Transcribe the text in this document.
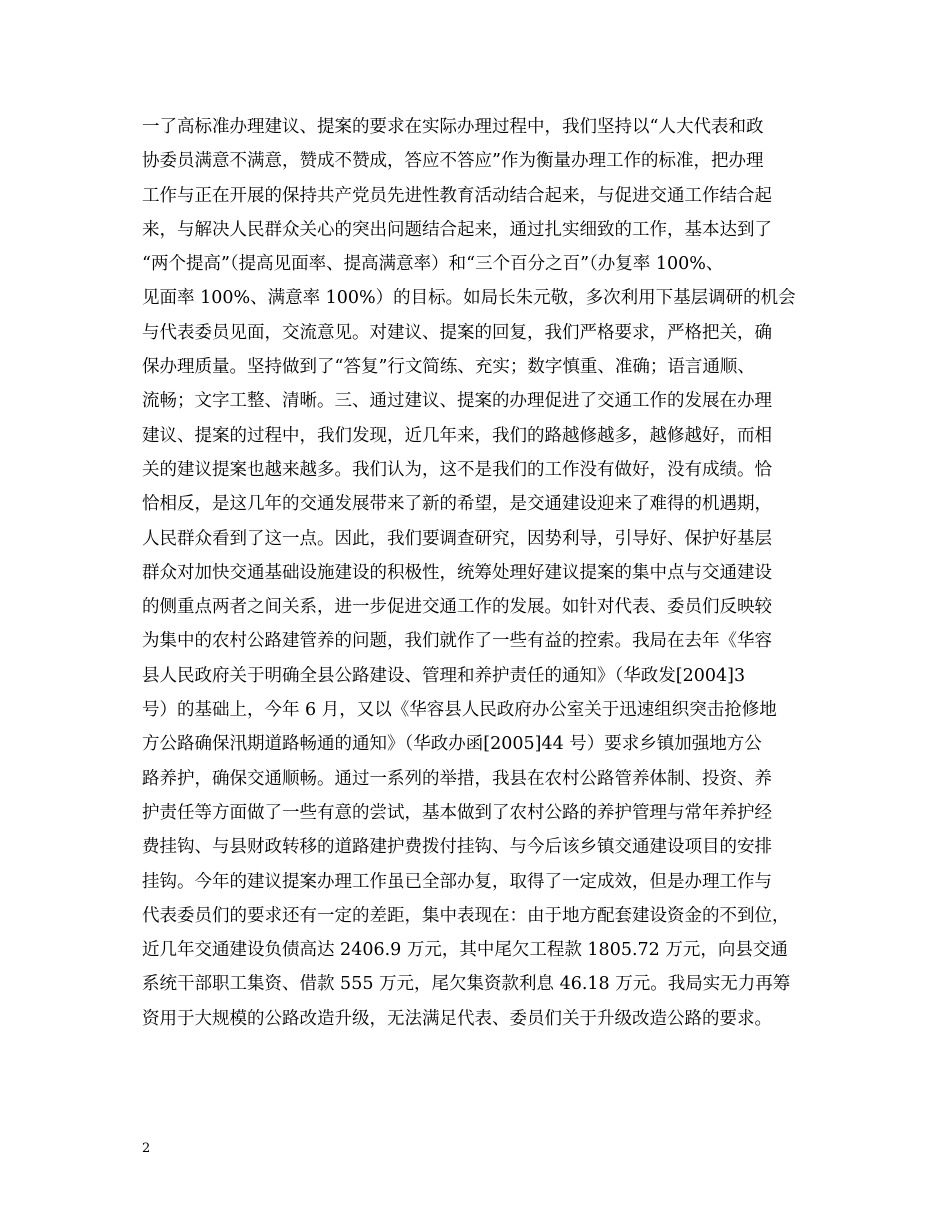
一了高标准办理建议、提案的要求在实际办理过程中，我们坚持以“人大代表和政
协委员满意不满意，赞成不赞成，答应不答应”作为衡量办理工作的标准，把办理
工作与正在开展的保持共产党员先进性教育活动结合起来，与促进交通工作结合起
来，与解决人民群众关心的突出问题结合起来，通过扎实细致的工作，基本达到了
“两个提高”（提高见面率、提高满意率）和“三个百分之百”（办复率 100%、
见面率 100%、满意率 100%）的目标。如局长朱元敬，多次利用下基层调研的机会
与代表委员见面，交流意见。对建议、提案的回复，我们严格要求，严格把关，确
保办理质量。坚持做到了“答复”行文简练、充实；数字慎重、准确；语言通顺、
流畅；文字工整、清晰。三、通过建议、提案的办理促进了交通工作的发展在办理
建议、提案的过程中，我们发现，近几年来，我们的路越修越多，越修越好，而相
关的建议提案也越来越多。我们认为，这不是我们的工作没有做好，没有成绩。恰
恰相反，是这几年的交通发展带来了新的希望，是交通建设迎来了难得的机遇期，
人民群众看到了这一点。因此，我们要调查研究，因势利导，引导好、保护好基层
群众对加快交通基础设施建设的积极性，统筹处理好建议提案的集中点与交通建设
的侧重点两者之间关系，进一步促进交通工作的发展。如针对代表、委员们反映较
为集中的农村公路建管养的问题，我们就作了一些有益的控索。我局在去年《华容
县人民政府关于明确全县公路建设、管理和养护责任的通知》（华政发[2004]3
号）的基础上，今年 6 月，又以《华容县人民政府办公室关于迅速组织突击抢修地
方公路确保汛期道路畅通的通知》（华政办函[2005]44 号）要求乡镇加强地方公
路养护，确保交通顺畅。通过一系列的举措，我县在农村公路管养体制、投资、养
护责任等方面做了一些有意的尝试，基本做到了农村公路的养护管理与常年养护经
费挂钩、与县财政转移的道路建护费拨付挂钩、与今后该乡镇交通建设项目的安排
挂钩。今年的建议提案办理工作虽已全部办复，取得了一定成效，但是办理工作与
代表委员们的要求还有一定的差距，集中表现在：由于地方配套建设资金的不到位，
近几年交通建设负债高达 2406.9 万元，其中尾欠工程款 1805.72 万元，向县交通
系统干部职工集资、借款 555 万元，尾欠集资款利息 46.18 万元。我局实无力再筹
资用于大规模的公路改造升级，无法满足代表、委员们关于升级改造公路的要求。
2
